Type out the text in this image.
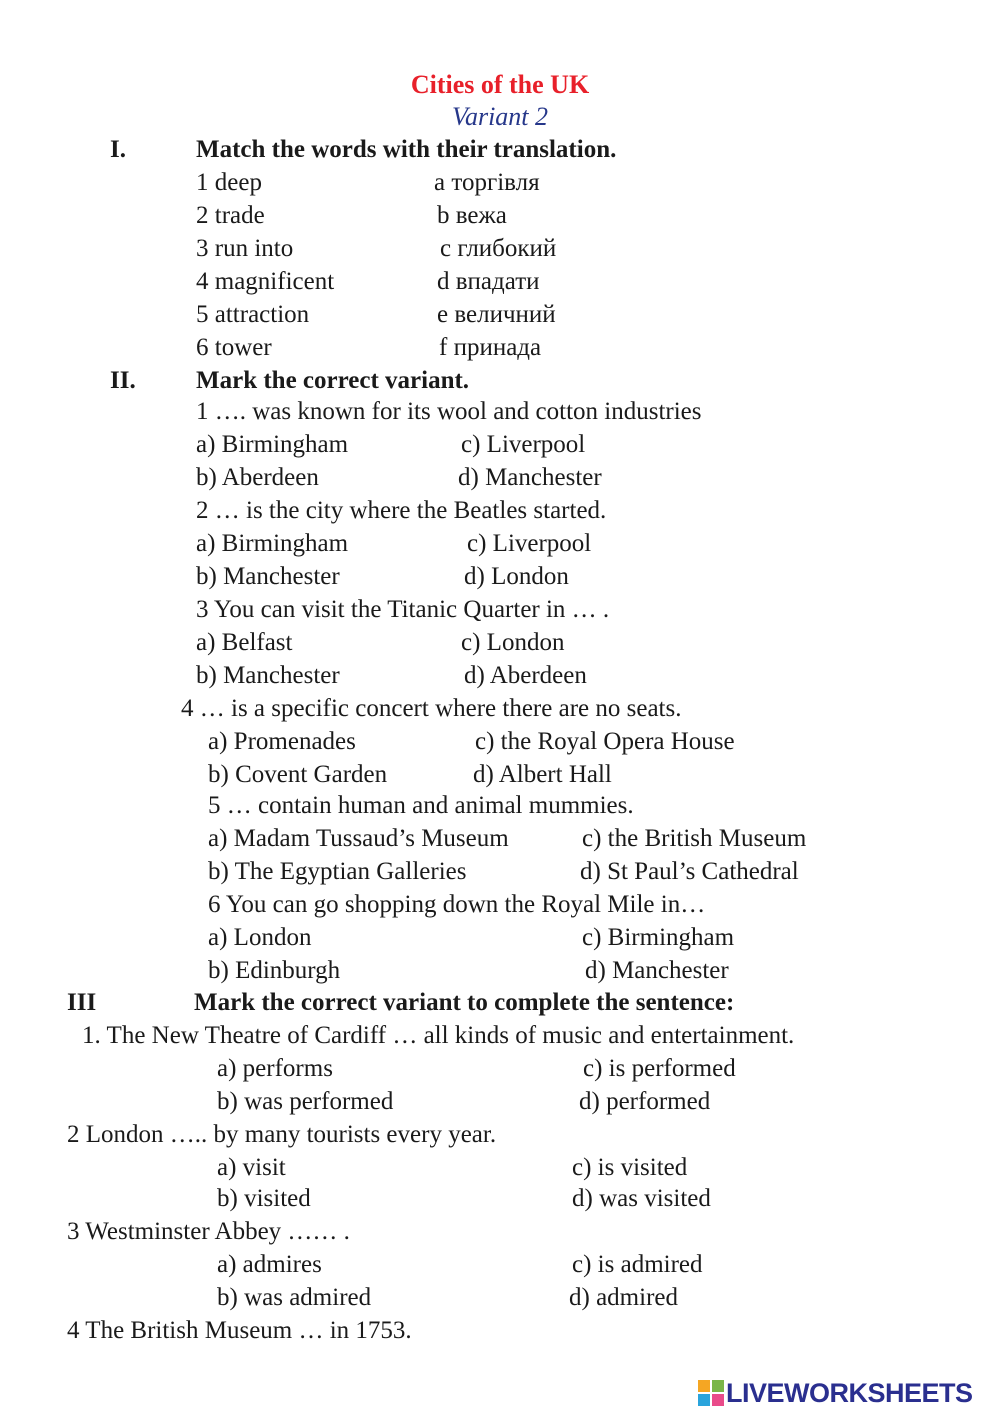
Cities of the UK
Variant 2
I.	Match the words with their translation.
1 deep	a торгівля
2 trade	b вежа
3 run into	c глибокий
4 magnificent	d впадати
5 attraction	e величний
6 tower	f принада
II. Mark the correct variant.
1 …. was known for its wool and cotton industries
a) Birmingham	c) Liverpool
b) Aberdeen	d) Manchester
2 … is the city where the Beatles started.
a) Birmingham	c) Liverpool
b) Manchester	d) London
3 You can visit the Titanic Quarter in … .
a) Belfast	c) London
b) Manchester	d) Aberdeen
4 … is a specific concert where there are no seats.
a) Promenades	c) the Royal Opera House
b) Covent Garden	d) Albert Hall
5 … contain human and animal mummies.
a) Madam Tussaud’s Museum	c) the British Museum
b) The Egyptian Galleries	d) St Paul’s Cathedral
6 You can go shopping down the Royal Mile in…
a) London	c) Birmingham
b) Edinburgh	d) Manchester
III	Mark the correct variant to complete the sentence:
1. The New Theatre of Cardiff … all kinds of music and entertainment.
a) performs	c) is performed
b) was performed	d) performed
2 London ….. by many tourists every year.
a) visit	c) is visited
b) visited	d) was visited
3 Westminster Abbey …… .
a) admires	c) is admired
b) was admired	d) admired
4 The British Museum … in 1753.
LIVEWORKSHEETS
